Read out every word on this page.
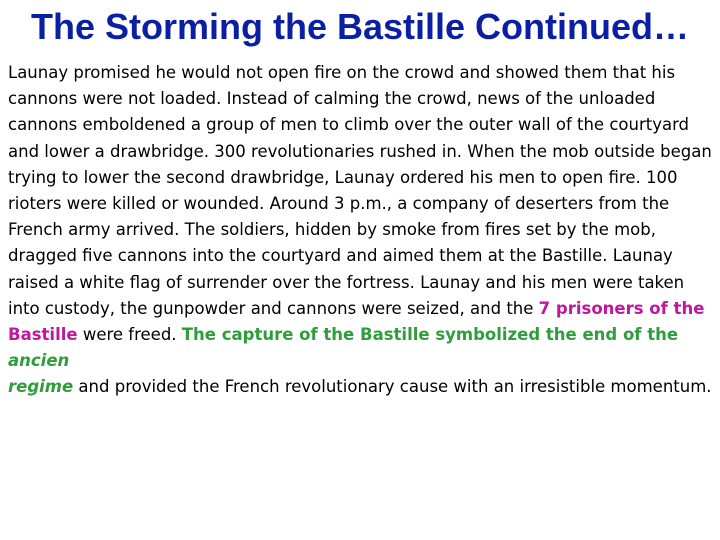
The Storming the Bastille Continued…
Launay promised he would not open fire on the crowd and showed them that his cannons were not loaded. Instead of calming the crowd, news of the unloaded cannons emboldened a group of men to climb over the outer wall of the courtyard and lower a drawbridge. 300 revolutionaries rushed in. When the mob outside began trying to lower the second drawbridge, Launay ordered his men to open fire. 100 rioters were killed or wounded. Around 3 p.m., a company of deserters from the French army arrived. The soldiers, hidden by smoke from fires set by the mob, dragged five cannons into the courtyard and aimed them at the Bastille. Launay raised a white flag of surrender over the fortress. Launay and his men were taken into custody, the gunpowder and cannons were seized, and the 7 prisoners of the Bastille were freed. The capture of the Bastille symbolized the end of the ancien
regime and provided the French revolutionary cause with an irresistible momentum.
